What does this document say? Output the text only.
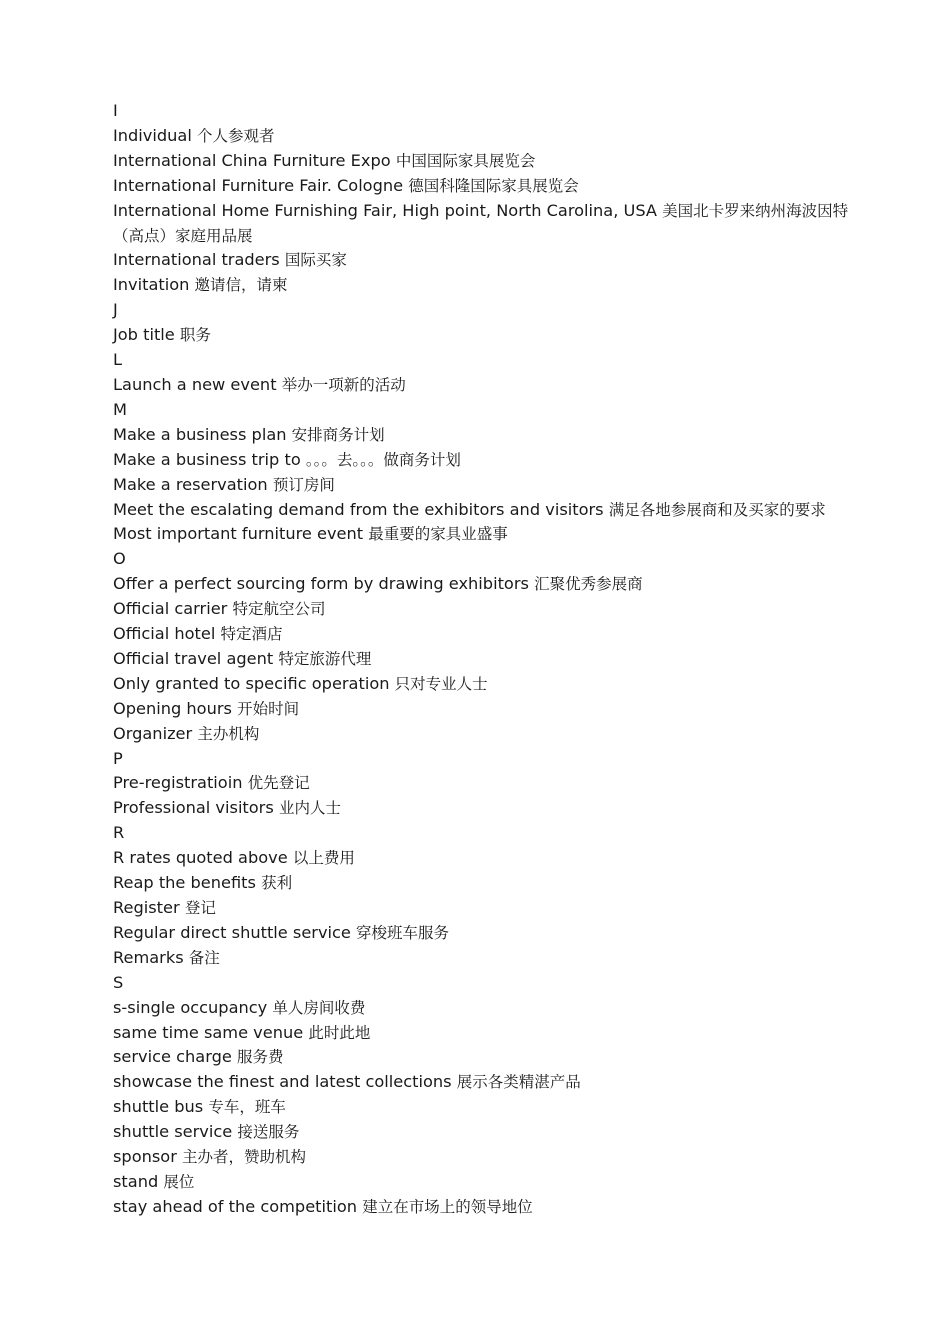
I

Individual 个人参观者

International China Furniture Expo 中国国际家具展览会

International Furniture Fair. Cologne 德国科隆国际家具展览会

International Home Furnishing Fair, High point, North Carolina, USA 美国北卡罗来纳州海波因特（高点）家庭用品展

International traders 国际买家

Invitation 邀请信，请柬

J

Job title 职务

L

Launch a new event 举办一项新的活动

M

Make a business plan 安排商务计划

Make a business trip to 。。。去。。。做商务计划

Make a reservation 预订房间

Meet the escalating demand from the exhibitors and visitors 满足各地参展商和及买家的要求

Most important furniture event 最重要的家具业盛事

O

Offer a perfect sourcing form by drawing exhibitors 汇聚优秀参展商

Official carrier 特定航空公司

Official hotel 特定酒店

Official travel agent 特定旅游代理

Only granted to specific operation 只对专业人士

Opening hours 开始时间

Organizer 主办机构

P

Pre-registratioin 优先登记

Professional visitors 业内人士

R

R rates quoted above 以上费用

Reap the benefits 获利

Register 登记

Regular direct shuttle service 穿梭班车服务

Remarks 备注

S

s-single occupancy 单人房间收费

same time same venue 此时此地

service charge 服务费

showcase the finest and latest collections 展示各类精湛产品

shuttle bus 专车，班车

shuttle service 接送服务

sponsor 主办者，赞助机构

stand 展位

stay ahead of the competition 建立在市场上的领导地位
